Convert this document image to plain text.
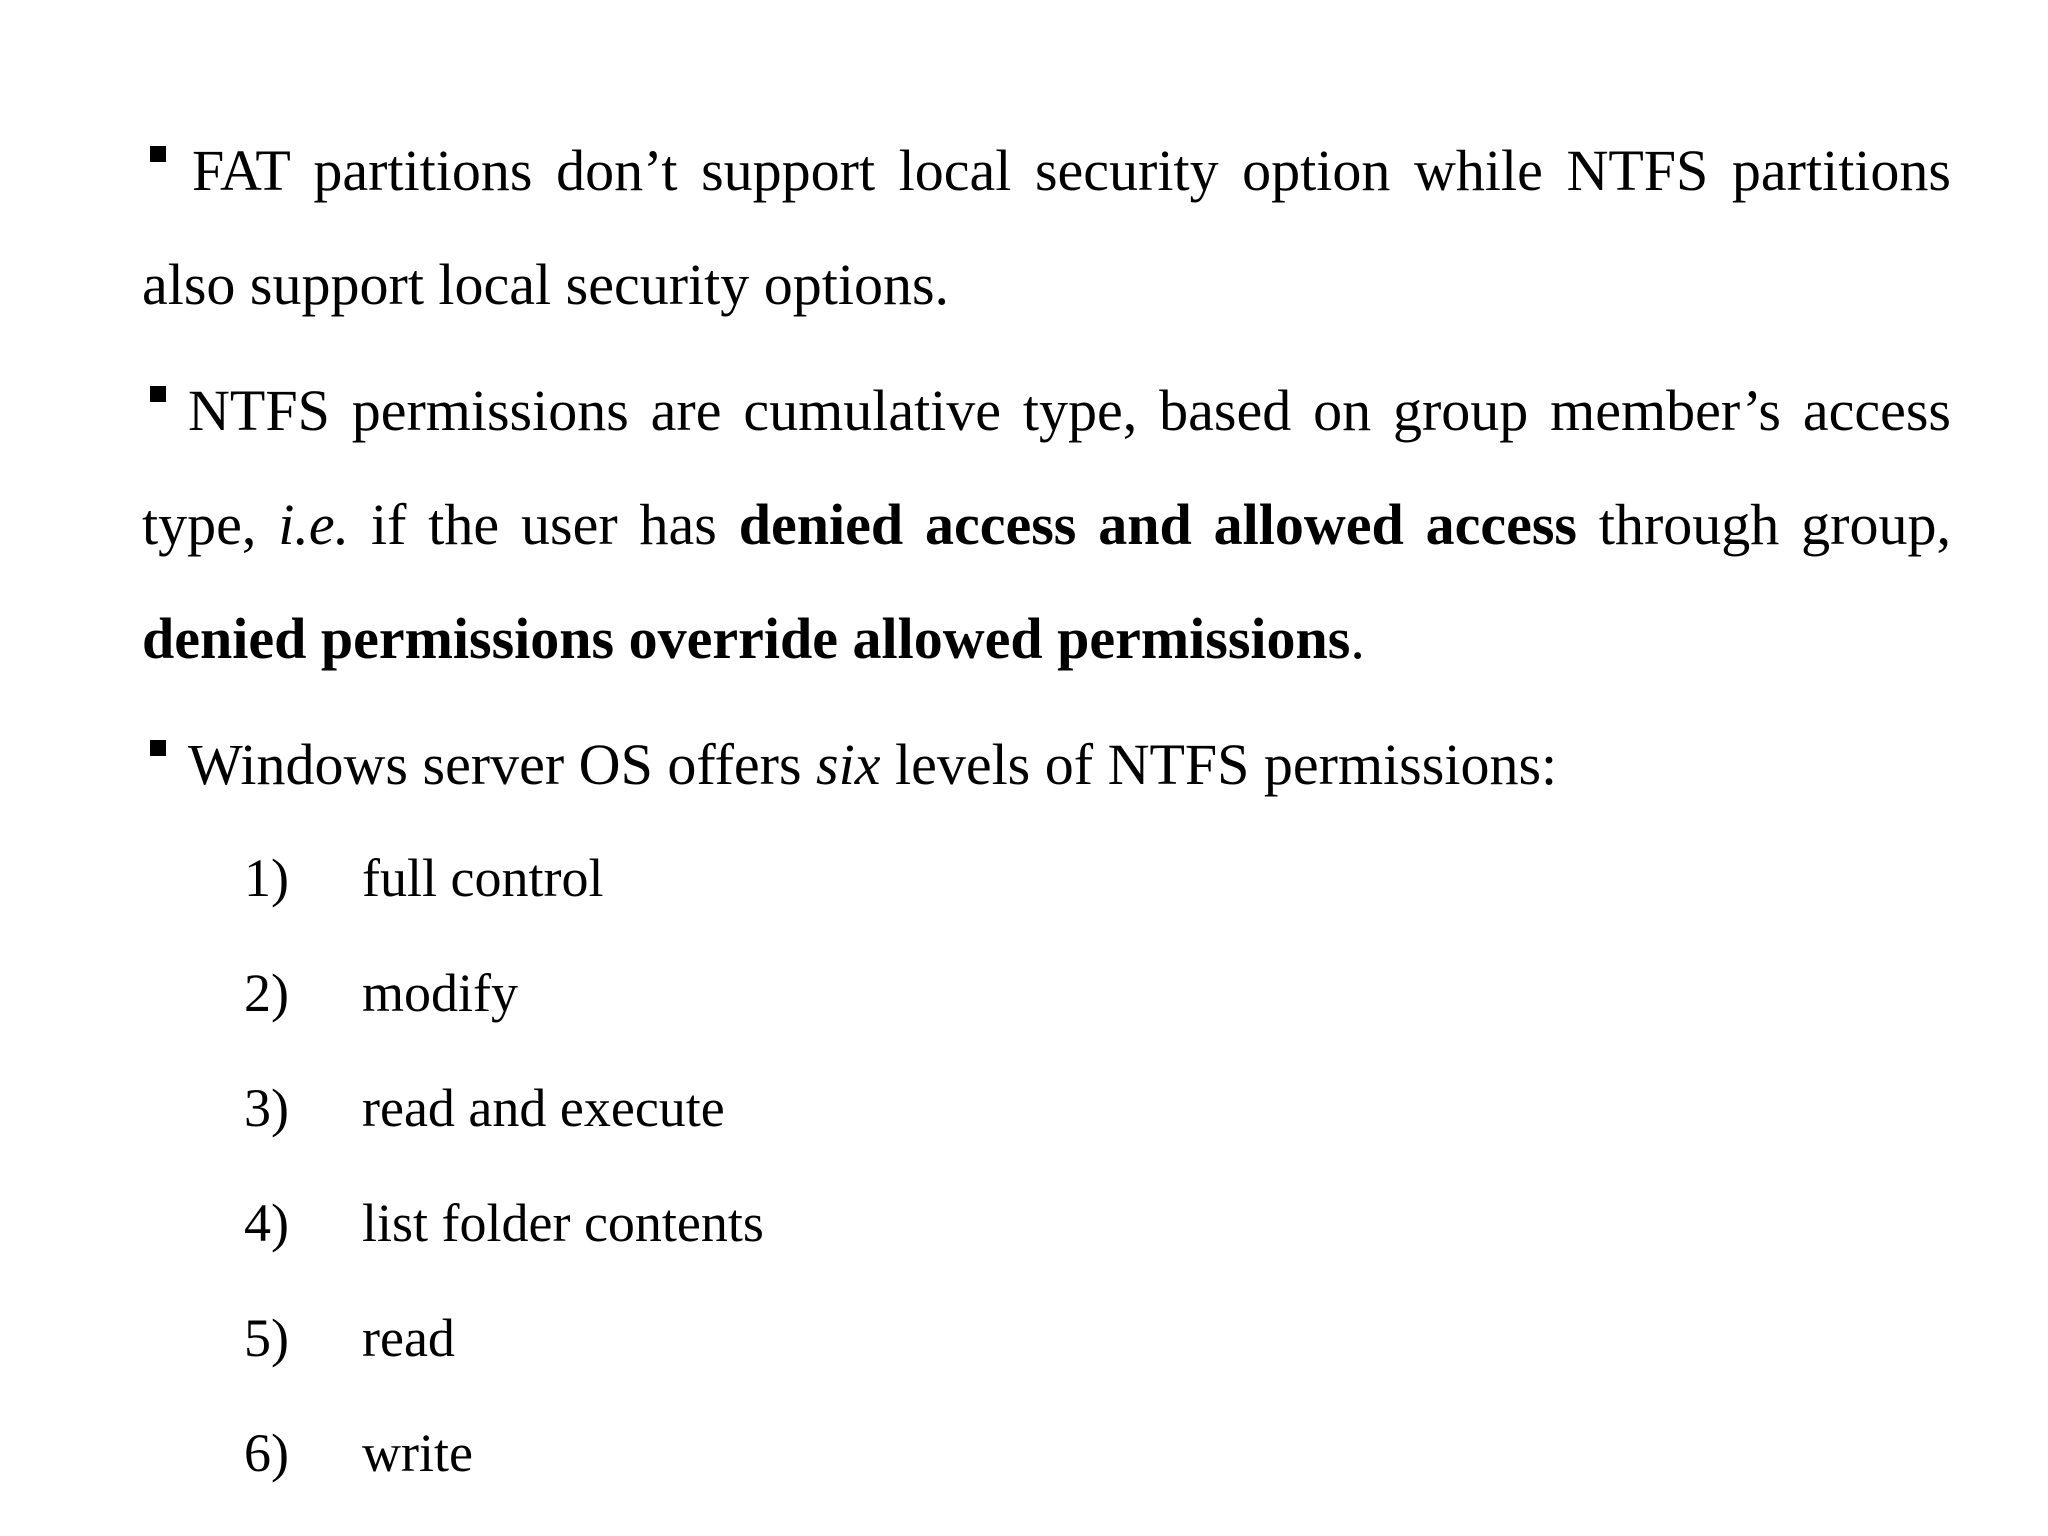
FAT partitions don’t support local security option while NTFS partitions also support local security options.

NTFS permissions are cumulative type, based on group member’s access type, i.e. if the user has denied access and allowed access through group, denied permissions override allowed permissions.

Windows server OS offers six levels of NTFS permissions:

1) full control
2) modify
3) read and execute
4) list folder contents
5) read
6) write
